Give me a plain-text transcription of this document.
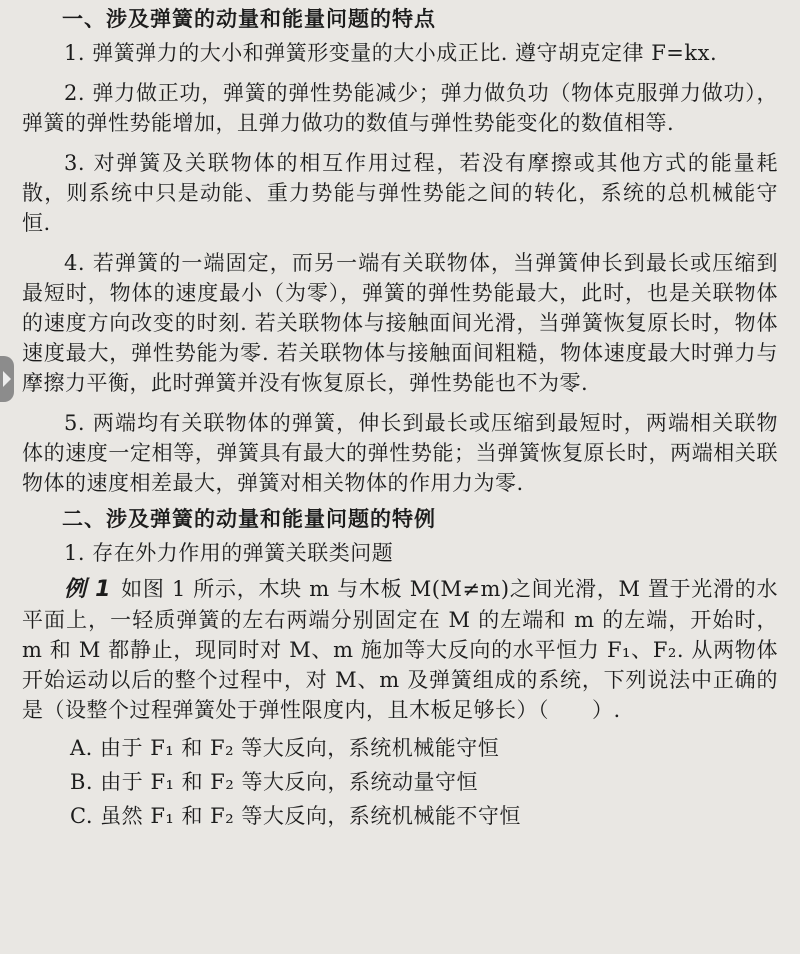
一、涉及弹簧的动量和能量问题的特点

1. 弹簧弹力的大小和弹簧形变量的大小成正比. 遵守胡克定律 F=kx.

2. 弹力做正功，弹簧的弹性势能减少；弹力做负功（物体克服弹力做功），弹簧的弹性势能增加，且弹力做功的数值与弹性势能变化的数值相等.

3. 对弹簧及关联物体的相互作用过程，若没有摩擦或其他方式的能量耗散，则系统中只是动能、重力势能与弹性势能之间的转化，系统的总机械能守恒.

4. 若弹簧的一端固定，而另一端有关联物体，当弹簧伸长到最长或压缩到最短时，物体的速度最小（为零），弹簧的弹性势能最大，此时，也是关联物体的速度方向改变的时刻. 若关联物体与接触面间光滑，当弹簧恢复原长时，物体速度最大，弹性势能为零. 若关联物体与接触面间粗糙，物体速度最大时弹力与摩擦力平衡，此时弹簧并没有恢复原长，弹性势能也不为零.

5. 两端均有关联物体的弹簧，伸长到最长或压缩到最短时，两端相关联物体的速度一定相等，弹簧具有最大的弹性势能；当弹簧恢复原长时，两端相关联物体的速度相差最大，弹簧对相关物体的作用力为零.

二、涉及弹簧的动量和能量问题的特例

1. 存在外力作用的弹簧关联类问题

例 1 如图 1 所示，木块 m 与木板 M(M≠m)之间光滑，M 置于光滑的水平面上，一轻质弹簧的左右两端分别固定在 M 的左端和 m 的左端，开始时，m 和 M 都静止，现同时对 M、m 施加等大反向的水平恒力 F₁、F₂. 从两物体开始运动以后的整个过程中，对 M、m 及弹簧组成的系统，下列说法中正确的是（设整个过程弹簧处于弹性限度内，且木板足够长）（　　）.

A. 由于 F₁ 和 F₂ 等大反向，系统机械能守恒
B. 由于 F₁ 和 F₂ 等大反向，系统动量守恒
C. 虽然 F₁ 和 F₂ 等大反向，系统机械能不守恒
